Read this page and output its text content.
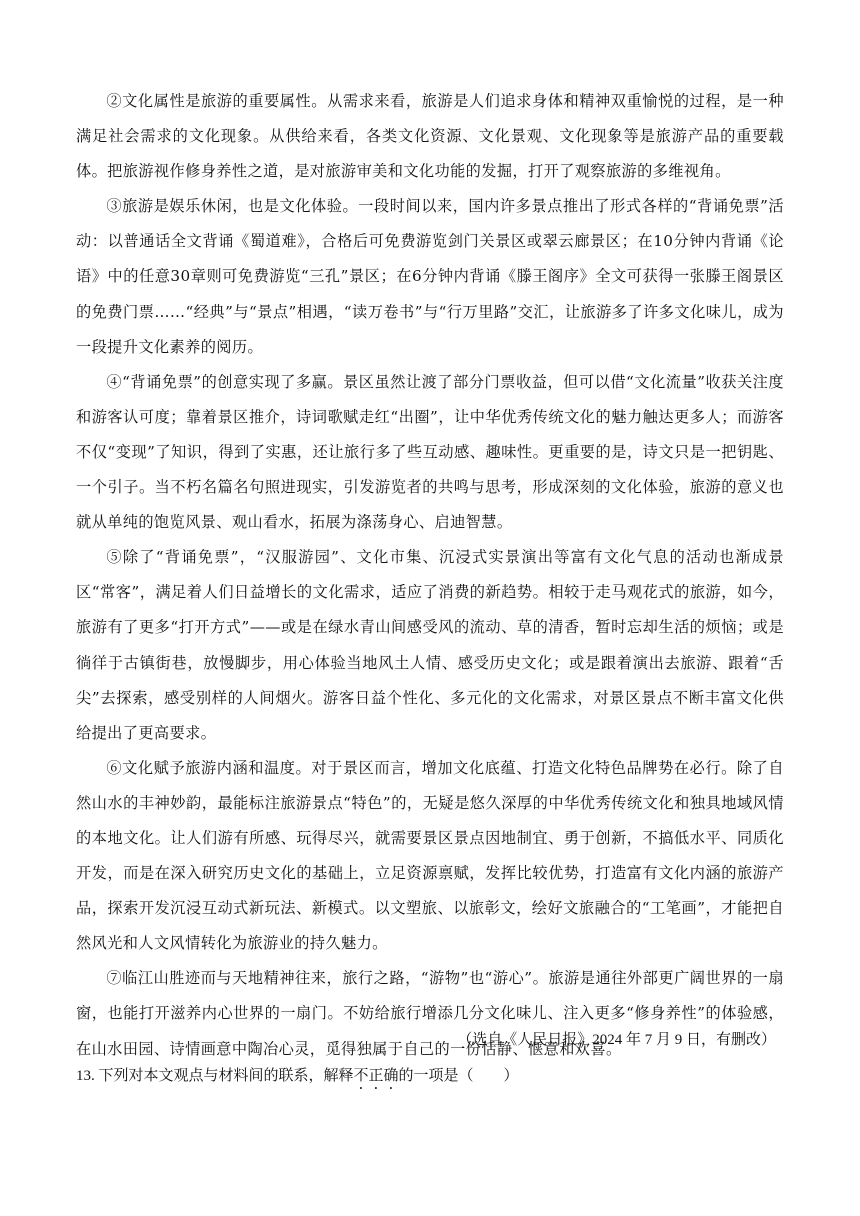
②文化属性是旅游的重要属性。从需求来看，旅游是人们追求身体和精神双重愉悦的过程，是一种满足社会需求的文化现象。从供给来看，各类文化资源、文化景观、文化现象等是旅游产品的重要载体。把旅游视作修身养性之道，是对旅游审美和文化功能的发掘，打开了观察旅游的多维视角。

③旅游是娱乐休闲，也是文化体验。一段时间以来，国内许多景点推出了形式各样的“背诵免票”活动：以普通话全文背诵《蜀道难》，合格后可免费游览剑门关景区或翠云廊景区；在10分钟内背诵《论语》中的任意30章则可免费游览“三孔”景区；在6分钟内背诵《滕王阁序》全文可获得一张滕王阁景区的免费门票……“经典”与“景点”相遇，“读万卷书”与“行万里路”交汇，让旅游多了许多文化味儿，成为一段提升文化素养的阅历。

④“背诵免票”的创意实现了多赢。景区虽然让渡了部分门票收益，但可以借“文化流量”收获关注度和游客认可度；靠着景区推介，诗词歌赋走红“出圈”，让中华优秀传统文化的魅力触达更多人；而游客不仅“变现”了知识，得到了实惠，还让旅行多了些互动感、趣味性。更重要的是，诗文只是一把钥匙、一个引子。当不朽名篇名句照进现实，引发游览者的共鸣与思考，形成深刻的文化体验，旅游的意义也就从单纯的饱览风景、观山看水，拓展为涤荡身心、启迪智慧。

⑤除了“背诵免票”，“汉服游园”、文化市集、沉浸式实景演出等富有文化气息的活动也渐成景区“常客”，满足着人们日益增长的文化需求，适应了消费的新趋势。相较于走马观花式的旅游，如今，旅游有了更多“打开方式”——或是在绿水青山间感受风的流动、草的清香，暂时忘却生活的烦恼；或是徜徉于古镇街巷，放慢脚步，用心体验当地风土人情、感受历史文化；或是跟着演出去旅游、跟着“舌尖”去探索，感受别样的人间烟火。游客日益个性化、多元化的文化需求，对景区景点不断丰富文化供给提出了更高要求。

⑥文化赋予旅游内涵和温度。对于景区而言，增加文化底蕴、打造文化特色品牌势在必行。除了自然山水的丰神妙韵，最能标注旅游景点“特色”的，无疑是悠久深厚的中华优秀传统文化和独具地域风情的本地文化。让人们游有所感、玩得尽兴，就需要景区景点因地制宜、勇于创新，不搞低水平、同质化开发，而是在深入研究历史文化的基础上，立足资源禀赋，发挥比较优势，打造富有文化内涵的旅游产品，探索开发沉浸互动式新玩法、新模式。以文塑旅、以旅彰文，绘好文旅融合的“工笔画”，才能把自然风光和人文风情转化为旅游业的持久魅力。

⑦临江山胜迹而与天地精神往来，旅行之路，“游物”也“游心”。旅游是通往外部更广阔世界的一扇窗，也能打开滋养内心世界的一扇门。不妨给旅行增添几分文化味儿、注入更多“修身养性”的体验感，在山水田园、诗情画意中陶冶心灵，觅得独属于自己的一份恬静、惬意和欢喜。

（选自《人民日报》2024 年 7 月 9 日，有删改）
13. 下列对本文观点与材料间的联系，解释不正确的一项是（　　）
